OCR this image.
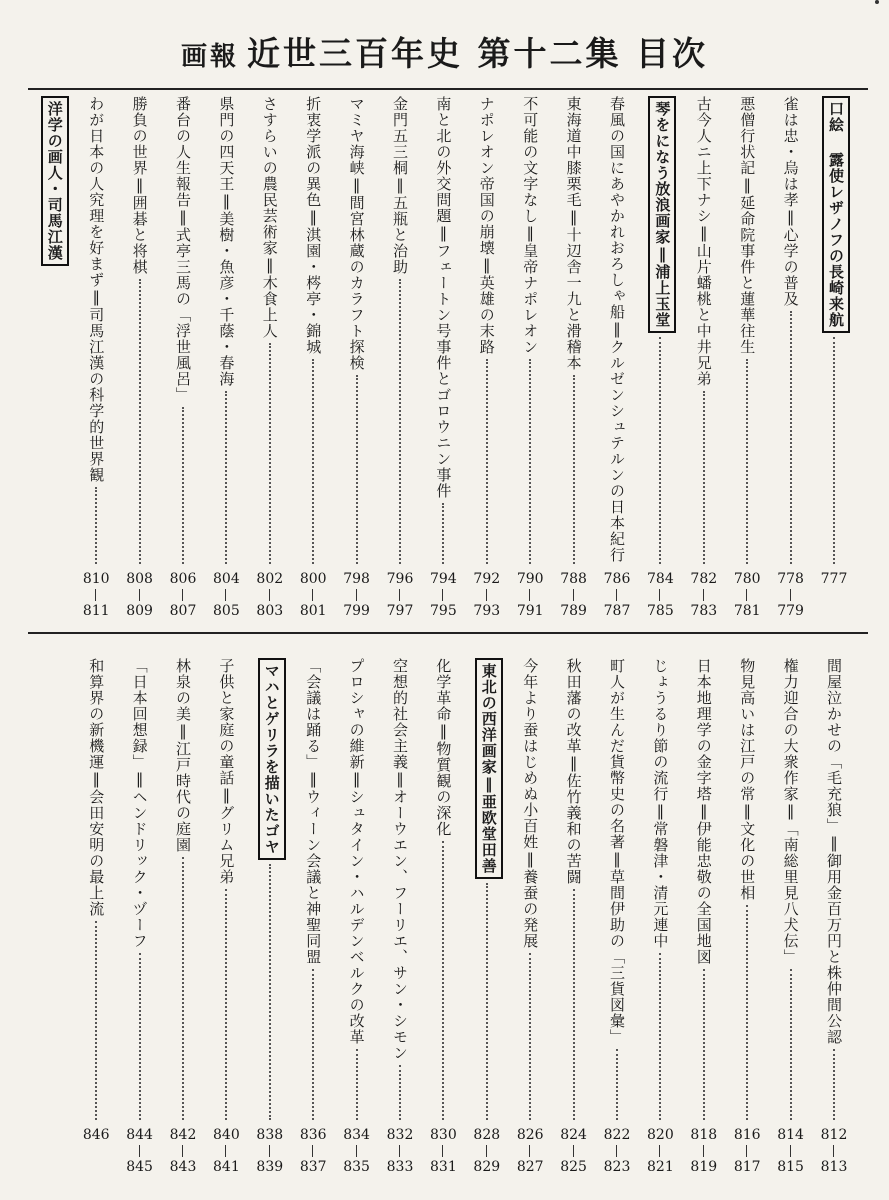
画報 近世三百年史 第十二集 目次
口絵 露使レザノフの長崎来航
777
雀は忠・烏は孝‖心学の普及
778
779
悪僧行状記‖延命院事件と蓮華往生
780
781
古今人ニ上下ナシ‖山片蟠桃と中井兄弟
782
783
琴をになう放浪画家‖浦上玉堂
784
785
春風の国にあやかれおろしゃ船‖クルゼンシュテルンの日本紀行
786
787
東海道中膝栗毛‖十辺舎一九と滑稽本
788
789
不可能の文字なし‖皇帝ナポレオン
790
791
ナポレオン帝国の崩壊‖英雄の末路
792
793
南と北の外交問題‖フェートン号事件とゴロウニン事件
794
795
金門五三桐‖五瓶と治助
796
797
マミヤ海峡‖間宮林蔵のカラフト探検
798
799
折衷学派の異色‖淇園・梣亭・錦城
800
801
さすらいの農民芸術家‖木食上人
802
803
県門の四天王‖美樹・魚彦・千蔭・春海
804
805
番台の人生報告‖式亭三馬の「浮世風呂」
806
807
勝負の世界‖囲碁と将棋
808
809
わが日本の人究理を好まず‖司馬江漢の科学的世界観
810
811
洋学の画人・司馬江漢
間屋泣かせの「毛充狼」‖御用金百万円と株仲間公認
812
813
権力迎合の大衆作家‖「南総里見八犬伝」
814
815
物見高いは江戸の常‖文化の世相
816
817
日本地理学の金字塔‖伊能忠敬の全国地図
818
819
じょうるり節の流行‖常磐津・清元連中
820
821
町人が生んだ貨幣史の名著‖草間伊助の「三貨図彙」
822
823
秋田藩の改革‖佐竹義和の苦闘
824
825
今年より蚕はじめぬ小百姓‖養蚕の発展
826
827
東北の西洋画家‖亜欧堂田善
828
829
化学革命‖物質観の深化
830
831
空想的社会主義‖オーウエン、フーリエ、サン・シモン
832
833
プロシャの維新‖シュタイン・ハルデンベルクの改革
834
835
「会議は踊る」‖ウィーン会議と神聖同盟
836
837
マハとゲリラを描いたゴヤ
838
839
子供と家庭の童話‖グリム兄弟
840
841
林泉の美‖江戸時代の庭園
842
843
「日本回想録」‖ヘンドリック・ヅーフ
844
845
和算界の新機運‖会田安明の最上流
846
